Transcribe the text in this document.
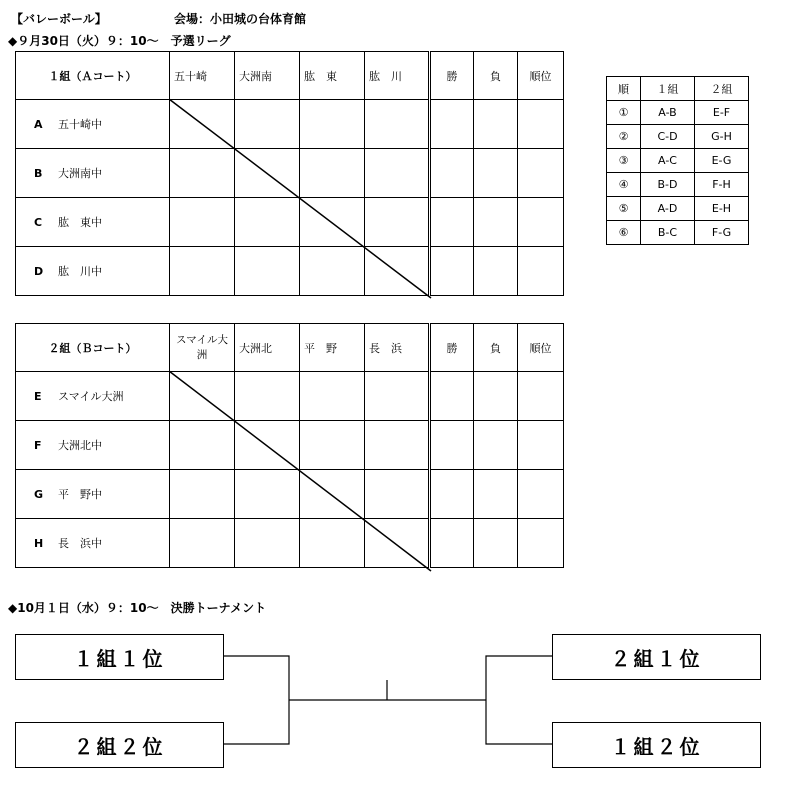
【バレーボール】	会場：小田城の台体育館
◆９月30日（火）９：10～　予選リーグ
◆10月１日（水）９：10～　決勝トーナメント
１組（Ａコート）	五十崎	大洲南	肱　東	肱　川	勝	負	順位

A 五十崎中							

B 大洲南中							

C 肱　東中							

D 肱　川中							

２組（Ｂコート）	スマイル大洲	大洲北	平　野	長　浜	勝	負	順位

E スマイル大洲							

F 大洲北中							

G 平　野中							

H 長　浜中							

順	１組	２組
①	A-B	E-F
②	C-D	G-H
③	A-C	E-G
④	B-D	F-H
⑤	A-D	E-H
⑥	B-C	F-G
１組１位
２組２位
２組１位
１組２位
